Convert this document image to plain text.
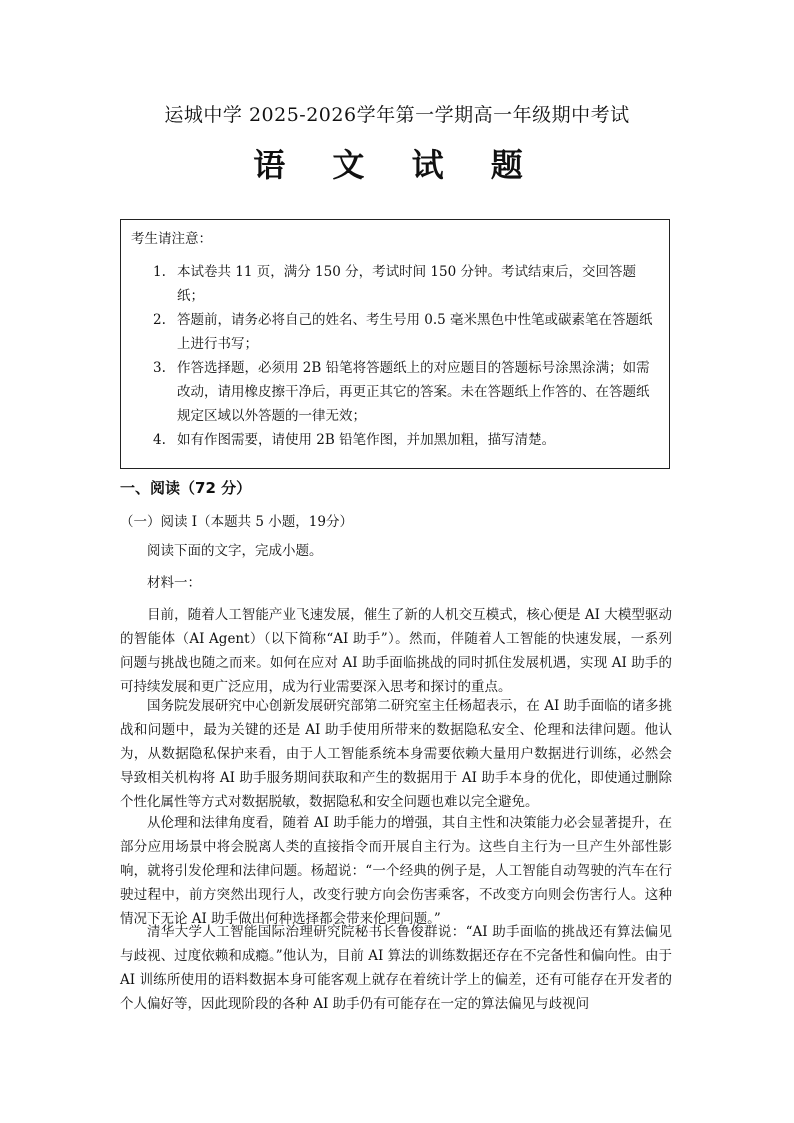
运城中学 2025-2026学年第一学期高一年级期中考试
语 文 试 题
考生请注意：
1. 本试卷共 11 页，满分 150 分，考试时间 150 分钟。考试结束后，交回答题纸；
2. 答题前，请务必将自己的姓名、考生号用 0.5 毫米黑色中性笔或碳素笔在答题纸上进行书写；
3. 作答选择题，必须用 2B 铅笔将答题纸上的对应题目的答题标号涂黑涂满；如需改动，请用橡皮擦干净后，再更正其它的答案。未在答题纸上作答的、在答题纸规定区域以外答题的一律无效；
4. 如有作图需要，请使用 2B 铅笔作图，并加黑加粗，描写清楚。
一、阅读（72 分）
（一）阅读 I（本题共 5 小题，19分）
阅读下面的文字，完成小题。
材料一：
目前，随着人工智能产业飞速发展，催生了新的人机交互模式，核心便是 AI 大模型驱动的智能体（AI Agent）（以下简称“AI 助手”）。然而，伴随着人工智能的快速发展，一系列问题与挑战也随之而来。如何在应对 AI 助手面临挑战的同时抓住发展机遇，实现 AI 助手的可持续发展和更广泛应用，成为行业需要深入思考和探讨的重点。
国务院发展研究中心创新发展研究部第二研究室主任杨超表示，在 AI 助手面临的诸多挑战和问题中，最为关键的还是 AI 助手使用所带来的数据隐私安全、伦理和法律问题。他认为，从数据隐私保护来看，由于人工智能系统本身需要依赖大量用户数据进行训练，必然会导致相关机构将 AI 助手服务期间获取和产生的数据用于 AI 助手本身的优化，即使通过删除个性化属性等方式对数据脱敏，数据隐私和安全问题也难以完全避免。
从伦理和法律角度看，随着 AI 助手能力的增强，其自主性和决策能力必会显著提升，在部分应用场景中将会脱离人类的直接指令而开展自主行为。这些自主行为一旦产生外部性影响，就将引发伦理和法律问题。杨超说：“一个经典的例子是，人工智能自动驾驶的汽车在行驶过程中，前方突然出现行人，改变行驶方向会伤害乘客，不改变方向则会伤害行人。这种情况下无论 AI 助手做出何种选择都会带来伦理问题。”
清华大学人工智能国际治理研究院秘书长鲁俊群说：“AI 助手面临的挑战还有算法偏见与歧视、过度依赖和成瘾。”他认为，目前 AI 算法的训练数据还存在不完备性和偏向性。由于 AI 训练所使用的语料数据本身可能客观上就存在着统计学上的偏差，还有可能存在开发者的个人偏好等，因此现阶段的各种 AI 助手仍有可能存在一定的算法偏见与歧视问
